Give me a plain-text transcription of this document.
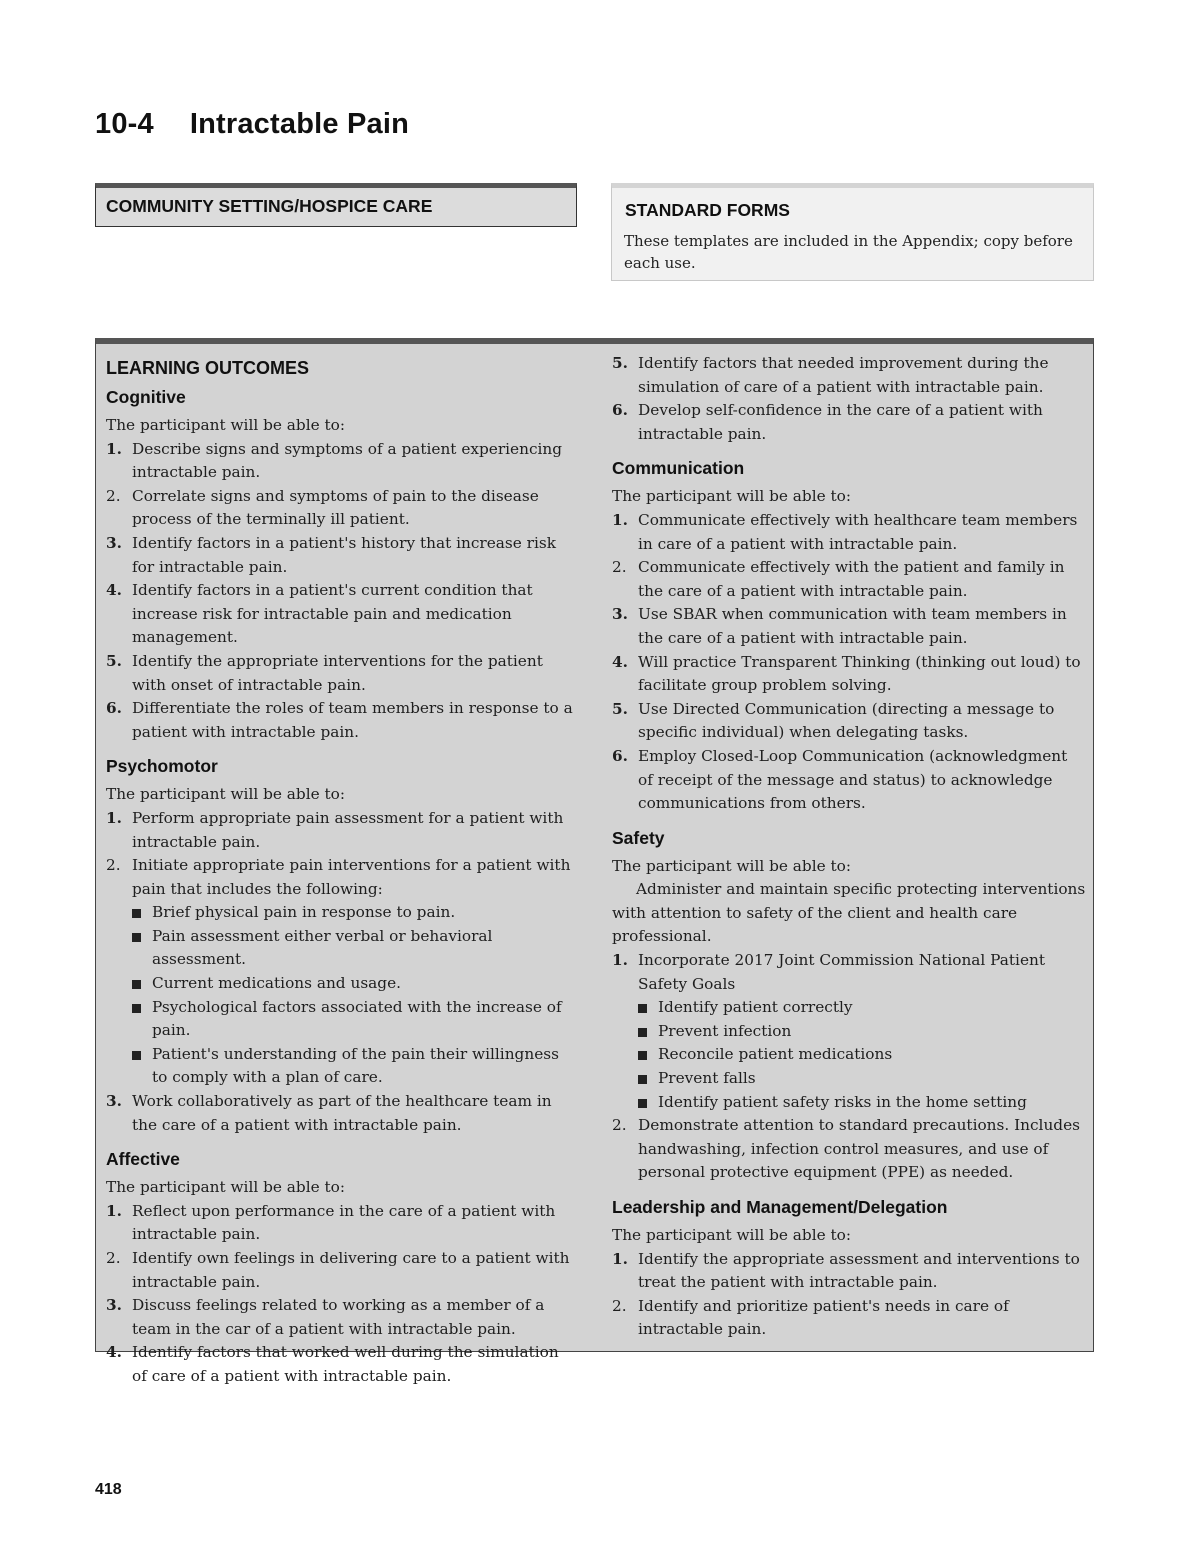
10-4 Intractable Pain
COMMUNITY SETTING/HOSPICE CARE	STANDARD FORMS
These templates are included in the Appendix; copy before each use.
LEARNING OUTCOMES
Cognitive

The participant will be able to:

1. Describe signs and symptoms of a patient experiencing intractable pain.

2. Correlate signs and symptoms of pain to the disease process of the terminally ill patient.

3. Identify factors in a patient's history that increase risk for intractable pain.

4. Identify factors in a patient's current condition that increase risk for intractable pain and medication management.

5. Identify the appropriate interventions for the patient with onset of intractable pain.

6. Differentiate the roles of team members in response to a patient with intractable pain.

Psychomotor

The participant will be able to:

1. Perform appropriate pain assessment for a patient with intractable pain.

2. Initiate appropriate pain interventions for a patient with pain that includes the following:

Brief physical pain in response to pain.

Pain assessment either verbal or behavioral assessment.

Current medications and usage.

Psychological factors associated with the increase of pain.

Patient's understanding of the pain their willingness to comply with a plan of care.

3. Work collaboratively as part of the healthcare team in the care of a patient with intractable pain.

Affective

The participant will be able to:

1. Reflect upon performance in the care of a patient with intractable pain.

2. Identify own feelings in delivering care to a patient with intractable pain.

3. Discuss feelings related to working as a member of a team in the car of a patient with intractable pain.

4. Identify factors that worked well during the simulation of care of a patient with intractable pain.

5. Identify factors that needed improvement during the simulation of care of a patient with intractable pain.

6. Develop self-confidence in the care of a patient with intractable pain.

Communication

The participant will be able to:

1. Communicate effectively with healthcare team members in care of a patient with intractable pain.

2. Communicate effectively with the patient and family in the care of a patient with intractable pain.

3. Use SBAR when communication with team members in the care of a patient with intractable pain.

4. Will practice Transparent Thinking (thinking out loud) to facilitate group problem solving.

5. Use Directed Communication (directing a message to specific individual) when delegating tasks.

6. Employ Closed-Loop Communication (acknowledgment of receipt of the message and status) to acknowledge communications from others.

Safety

The participant will be able to:

Administer and maintain specific protecting interventions with attention to safety of the client and health care professional.

1. Incorporate 2017 Joint Commission National Patient Safety Goals

Identify patient correctly

Prevent infection

Reconcile patient medications

Prevent falls

Identify patient safety risks in the home setting

2. Demonstrate attention to standard precautions. Includes handwashing, infection control measures, and use of personal protective equipment (PPE) as needed.

Leadership and Management/Delegation

The participant will be able to:

1. Identify the appropriate assessment and interventions to treat the patient with intractable pain.

2. Identify and prioritize patient's needs in care of intractable pain.

418
